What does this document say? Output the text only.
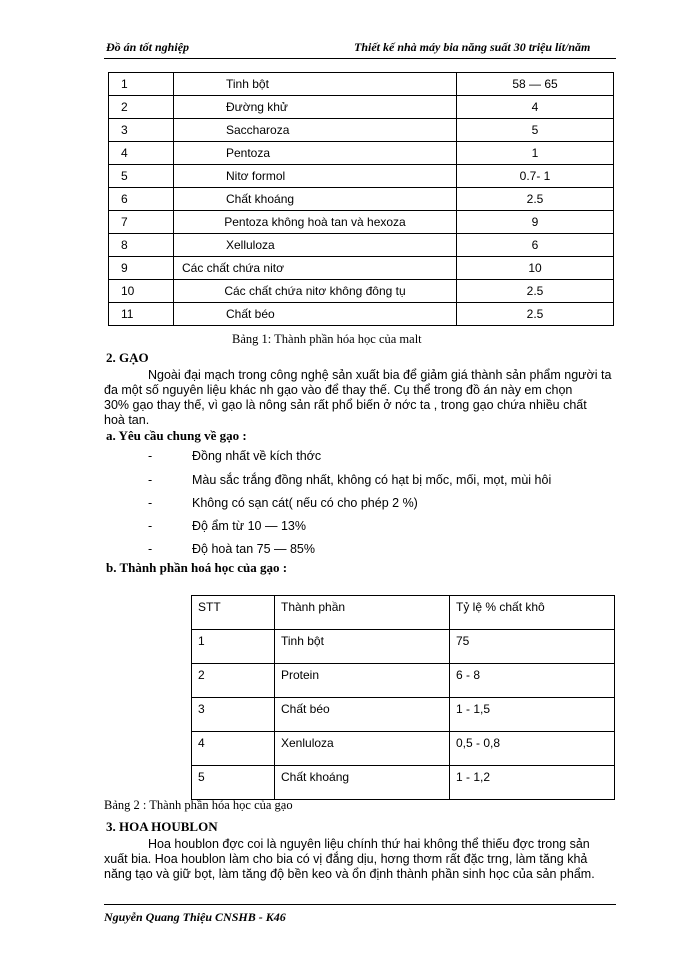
Đồ án tốt nghiệp	Thiết kế nhà máy bia năng suất 30 triệu lít/năm
1	Tinh bột	58 — 65
2	Đường khử	4
3	Saccharoza	5
4	Pentoza	1
5	Nitơ formol	0.7- 1
6	Chất khoáng	2.5
7	Pentoza không hoà tan và hexoza	9
8	Xelluloza	6
9	Các chất chứa nitơ	10
10	Các chất chứa nitơ không đông tụ	2.5
11	Chất béo	2.5
Bảng 1: Thành phần hóa học của malt
2. GẠO
Ngoài đại mạch trong công nghệ sản xuất bia để giảm giá thành sản phẩm người ta
đa một số nguyên liệu khác nh gạo vào để thay thế. Cụ thể trong đồ án này em chọn
30% gạo thay thế, vì gạo là nông sản rất phổ biến ở nớc ta , trong gạo chứa nhiều chất
hoà tan.
a. Yêu cầu chung về gạo :
-	Đồng nhất về kích thớc
-	Màu sắc trắng đồng nhất, không có hạt bị mốc, mối, mọt, mùi hôi
-	Không có sạn cát( nếu có cho phép 2 %)
-	Độ ẩm từ 10 — 13%
-	Độ hoà tan 75 — 85%
b. Thành phần hoá học của gạo :
STT	Thành phần	Tỷ lệ % chất khô
1	Tinh bột	75
2	Protein	6 - 8
3	Chất béo	1 - 1,5
4	Xenluloza	0,5 - 0,8
5	Chất khoáng	1 - 1,2
Bảng 2 : Thành phần hóa học của gạo
3. HOA HOUBLON
Hoa houblon đợc coi là nguyên liệu chính thứ hai không thể thiếu đợc trong sản
xuất bia. Hoa houblon làm cho bia có vị đắng dịu, hơng thơm rất đặc trng, làm tăng khả
năng tạo và giữ bọt, làm tăng độ bền keo và ổn định thành phần sinh học của sản phẩm.
Nguyễn Quang Thiệu CNSHB - K46
